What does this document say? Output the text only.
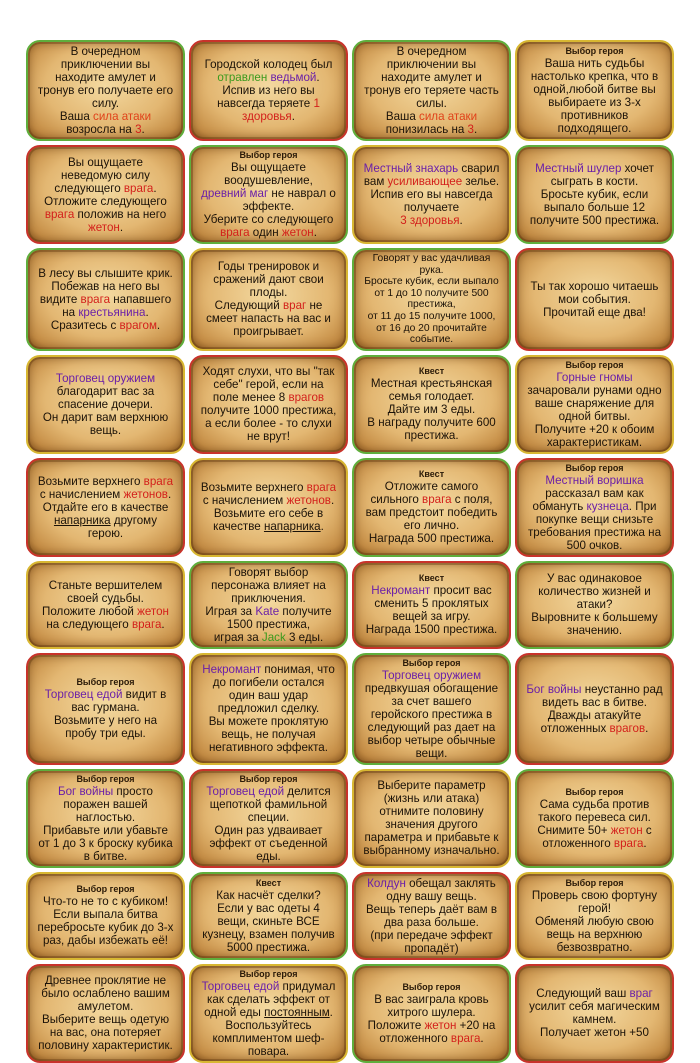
В очередном приключении вы находите амулет и тронув его получаете его силу.
Ваша сила атаки возросла на 3.
Городской колодец был отравлен ведьмой.
Испив из него вы навсегда теряете 1 здоровья.
В очередном приключении вы находите амулет и тронув его теряете часть силы.
Ваша сила атаки понизилась на 3.
Выбор героя
Ваша нить судьбы настолько крепка, что в одной,любой битве вы выбираете из 3-х противников подходящего.
Вы ощущаете неведомую силу следующего врага.
Отложите следующего врага положив на него жетон.
Выбор героя
Вы ощущаете воодушевление, древний маг не наврал о эффекте.
Уберите со следующего врага один жетон.
Местный знахарь сварил вам усиливающее зелье.
Испив его вы навсегда получаете
3 здоровья.
Местный шулер хочет сыграть в кости.
Бросьте кубик, если выпало больше 12 получите 500 престижа.
В лесу вы слышите крик. Побежав на него вы видите врага напавшего на крестьянина.
Сразитесь с врагом.
Годы тренировок и сражений дают свои плоды.
Следующий враг не смеет напасть на вас и проигрывает.
Говорят у вас удачливая рука.
Бросьте кубик, если выпало от 1 до 10 получите 500 престижа,
от 11 до 15 получите 1000,
от 16 до 20 прочитайте событие.
Ты так хорошо читаешь мои события.
Прочитай еще два!
Торговец оружием благодарит вас за спасение дочери.
Он дарит вам верхнюю вещь.
Ходят слухи, что вы "так себе" герой, если на поле менее 8 врагов получите 1000 престижа, а если более - то слухи не врут!
Квест
Местная крестьянская семья голодает.
Дайте им 3 еды.
В награду получите 600 престижа.
Выбор героя
Горные гномы зачаровали рунами одно ваше снаряжение для одной битвы.
Получите +20 к обоим характеристикам.
Возьмите верхнего врага с начислением жетонов.
Отдайте его в качестве напарника другому герою.
Возьмите верхнего врага с начислением жетонов.
Возьмите его себе в качестве напарника.
Квест
Отложите самого сильного врага с поля, вам предстоит победить его лично.
Награда 500 престижа.
Выбор героя
Местный воришка рассказал вам как обмануть кузнеца. При покупке вещи снизьте требования престижа на 500 очков.
Станьте вершителем своей судьбы.
Положите любой жетон на следующего врага.
Говорят выбор персонажа влияет на приключения.
Играя за Kate получите 1500 престижа,
играя за Jack 3 еды.
Квест
Некромант просит вас сменить 5 проклятых вещей за игру.
Награда 1500 престижа.
У вас одинаковое количество жизней и атаки?
Выровните к большему значению.
Выбор героя
Торговец едой видит в вас гурмана.
Возьмите у него на пробу три еды.
Некромант понимая, что до погибели остался один ваш удар предложил сделку.
Вы можете проклятую вещь, не получая негативного эффекта.
Выбор героя
Торговец оружием предвкушая обогащение за счет вашего геройского престижа в следующий раз дает на выбор четыре обычные вещи.
Бог войны неустанно рад видеть вас в битве.
Дважды атакуйте отложенных врагов.
Выбор героя
Бог войны просто поражен вашей наглостью.
Прибавьте или убавьте от 1 до 3 к броску кубика в битве.
Выбор героя
Торговец едой делится щепоткой фамильной специи.
Один раз удваивает эффект от съеденной еды.
Выберите параметр (жизнь или атака) отнимите половину значения другого параметра и прибавьте к выбранному изначально.
Выбор героя
Сама судьба против такого перевеса сил. Снимите 50+ жетон с отложенного врага.
Выбор героя
Что-то не то с кубиком!
Если выпала битва перебросьте кубик до 3-х раз, дабы избежать её!
Квест
Как насчёт сделки?
Если у вас одеты 4 вещи, скиньте ВСЕ кузнецу, взамен получив 5000 престижа.
Колдун обещал заклять одну вашу вещь.
Вещь теперь даёт вам в два раза больше.
(при передаче эффект пропадёт)
Выбор героя
Проверь свою фортуну герой!
Обменяй любую свою вещь на верхнюю безвозвратно.
Древнее проклятие не было ослаблено вашим амулетом.
Выберите вещь одетую на вас, она потеряет половину характеристик.
Выбор героя
Торговец едой придумал как сделать эффект от одной еды постоянным.
Воспользуйтесь комплиментом шеф-повара.
Выбор героя
В вас заиграла кровь хитрого шулера.
Положите жетон +20 на отложенного врага.
Следующий ваш враг усилит себя магическим камнем.
Получает жетон +50
